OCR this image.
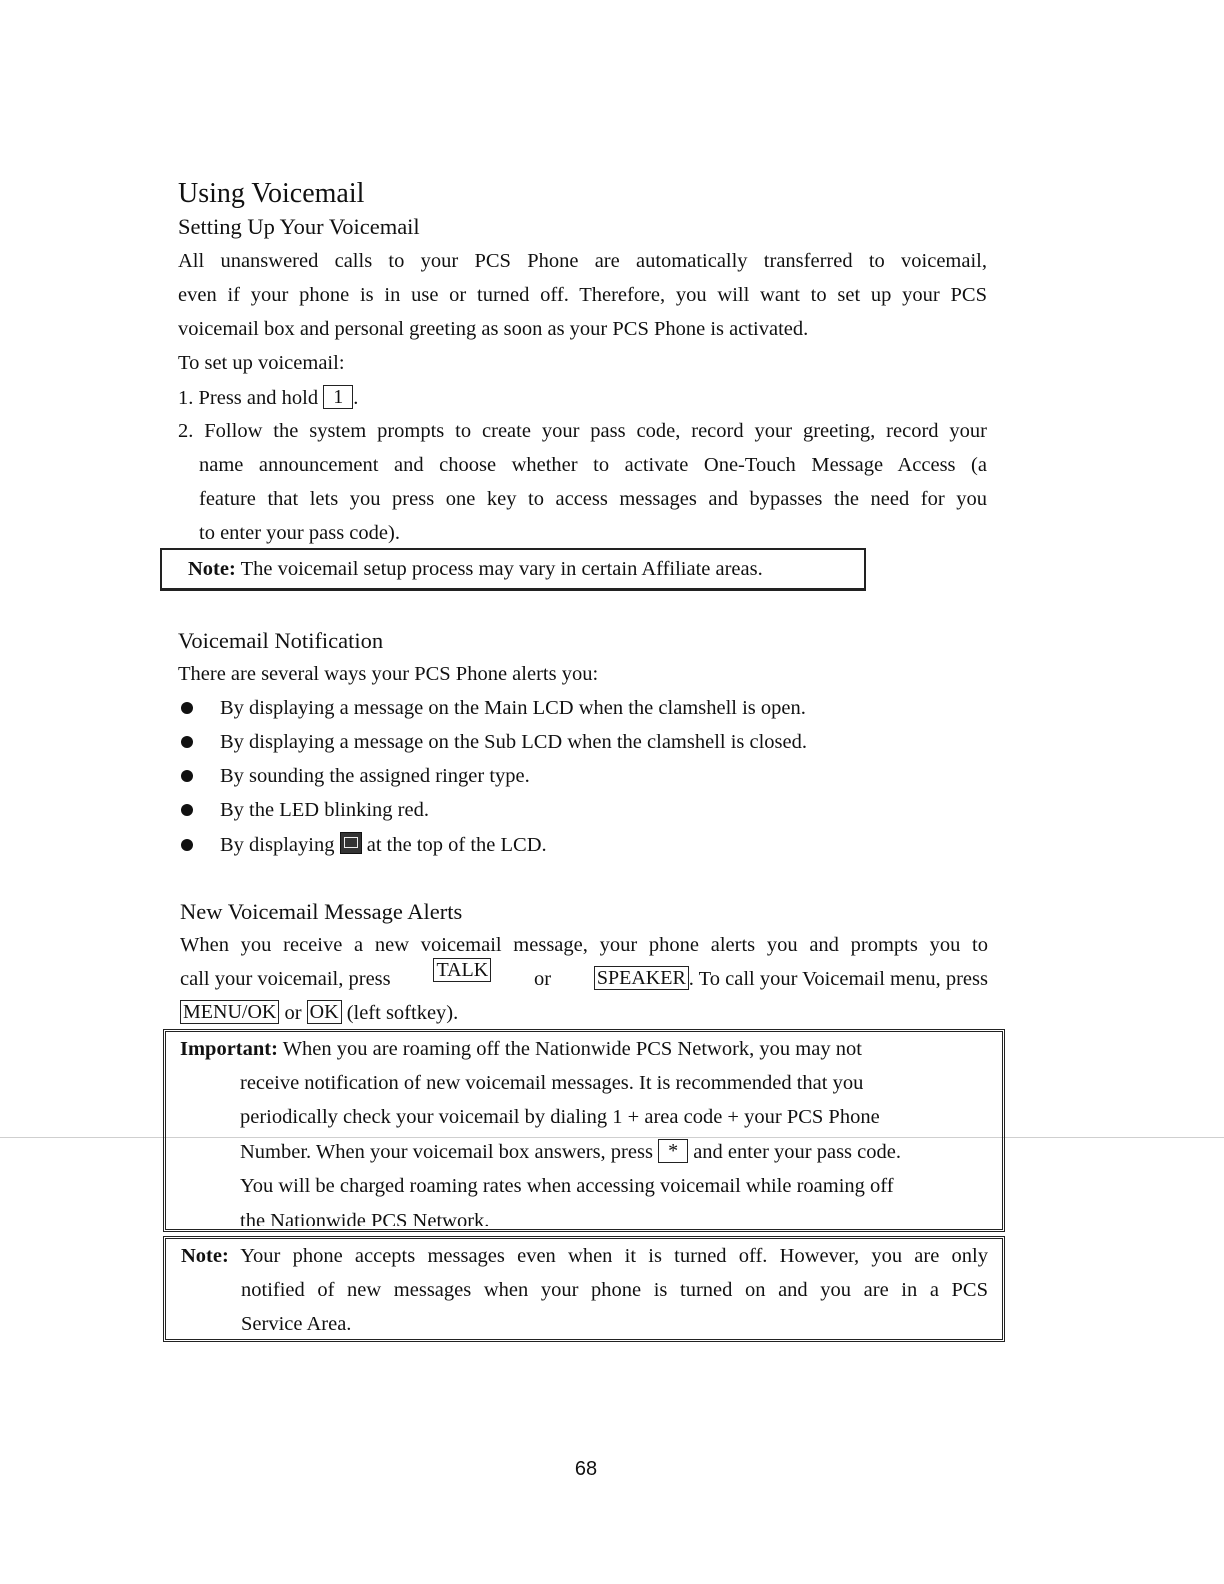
Using Voicemail
Setting Up Your Voicemail
All unanswered calls to your PCS Phone are automatically transferred to voicemail,
even if your phone is in use or turned off. Therefore, you will want to set up your PCS
voicemail box and personal greeting as soon as your PCS Phone is activated.
To set up voicemail:
1. Press and hold 1 .
2. Follow the system prompts to create your pass code, record your greeting, record your
name announcement and choose whether to activate One-Touch Message Access (a
feature that lets you press one key to access messages and bypasses the need for you
to enter your pass code).
Note: The voicemail setup process may vary in certain Affiliate areas.
Voicemail Notification
There are several ways your PCS Phone alerts you:
By displaying a message on the Main LCD when the clamshell is open.
By displaying a message on the Sub LCD when the clamshell is closed.
By sounding the assigned ringer type.
By the LED blinking red.
By displaying at the top of the LCD.
New Voicemail Message Alerts
When you receive a new voicemail message, your phone alerts you and prompts you to
call your voicemail, press TALK or SPEAKER . To call your Voicemail menu, press
MENU/OK or OK (left softkey).
Important: When you are roaming off the Nationwide PCS Network, you may not
receive notification of new voicemail messages. It is recommended that you
periodically check your voicemail by dialing 1 + area code + your PCS Phone
Number. When your voicemail box answers, press * and enter your pass code.
You will be charged roaming rates when accessing voicemail while roaming off
the Nationwide PCS Network.
Note: Your phone accepts messages even when it is turned off. However, you are only
notified of new messages when your phone is turned on and you are in a PCS
Service Area.
68
